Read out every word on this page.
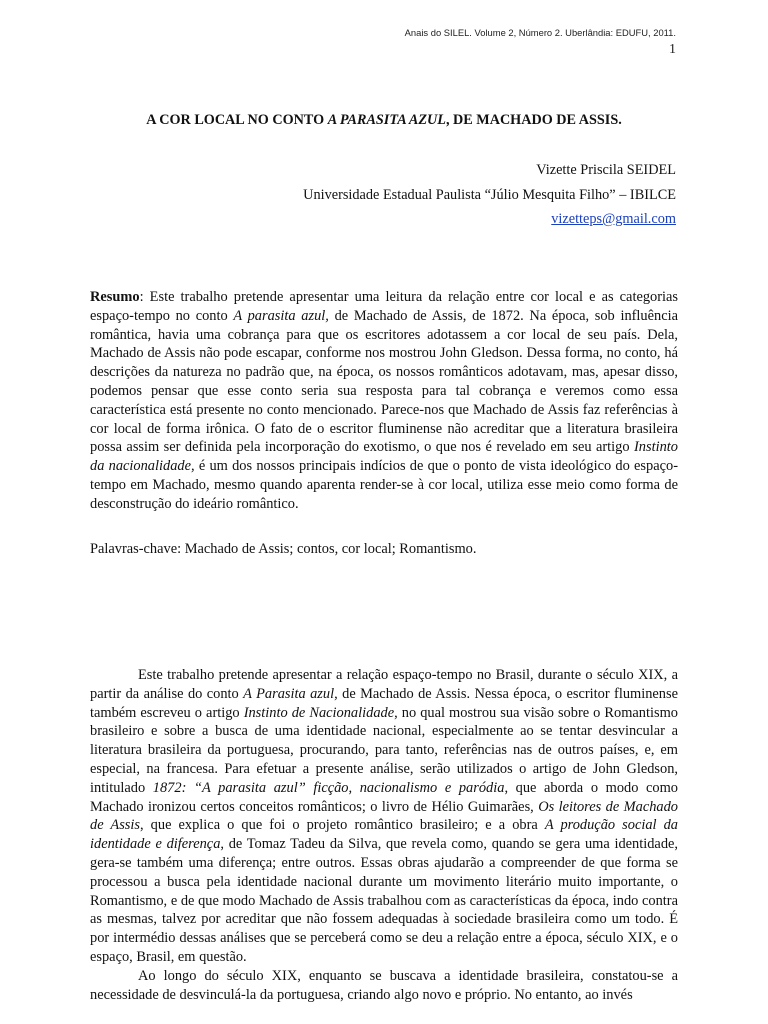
Anais do SILEL. Volume 2, Número 2. Uberlândia: EDUFU, 2011.
1
A COR LOCAL NO CONTO A PARASITA AZUL, DE MACHADO DE ASSIS.
Vizette Priscila SEIDEL
Universidade Estadual Paulista “Júlio Mesquita Filho” – IBILCE
vizetteps@gmail.com

Resumo: Este trabalho pretende apresentar uma leitura da relação entre cor local e as categorias espaço-tempo no conto A parasita azul, de Machado de Assis, de 1872. Na época, sob influência romântica, havia uma cobrança para que os escritores adotassem a cor local de seu país. Dela, Machado de Assis não pode escapar, conforme nos mostrou John Gledson. Dessa forma, no conto, há descrições da natureza no padrão que, na época, os nossos românticos adotavam, mas, apesar disso, podemos pensar que esse conto seria sua resposta para tal cobrança e veremos como essa característica está presente no conto mencionado. Parece-nos que Machado de Assis faz referências à cor local de forma irônica. O fato de o escritor fluminense não acreditar que a literatura brasileira possa assim ser definida pela incorporação do exotismo, o que nos é revelado em seu artigo Instinto da nacionalidade, é um dos nossos principais indícios de que o ponto de vista ideológico do espaço-tempo em Machado, mesmo quando aparenta render-se à cor local, utiliza esse meio como forma de desconstrução do ideário romântico.

Palavras-chave: Machado de Assis; contos, cor local; Romantismo.

Este trabalho pretende apresentar a relação espaço-tempo no Brasil, durante o século XIX, a partir da análise do conto A Parasita azul, de Machado de Assis. Nessa época, o escritor fluminense também escreveu o artigo Instinto de Nacionalidade, no qual mostrou sua visão sobre o Romantismo brasileiro e sobre a busca de uma identidade nacional, especialmente ao se tentar desvincular a literatura brasileira da portuguesa, procurando, para tanto, referências nas de outros países, e, em especial, na francesa. Para efetuar a presente análise, serão utilizados o artigo de John Gledson, intitulado 1872: “A parasita azul” ficção, nacionalismo e paródia, que aborda o modo como Machado ironizou certos conceitos românticos; o livro de Hélio Guimarães, Os leitores de Machado de Assis, que explica o que foi o projeto romântico brasileiro; e a obra A produção social da identidade e diferença, de Tomaz Tadeu da Silva, que revela como, quando se gera uma identidade, gera-se também uma diferença; entre outros. Essas obras ajudarão a compreender de que forma se processou a busca pela identidade nacional durante um movimento literário muito importante, o Romantismo, e de que modo Machado de Assis trabalhou com as características da época, indo contra as mesmas, talvez por acreditar que não fossem adequadas à sociedade brasileira como um todo. É por intermédio dessas análises que se perceberá como se deu a relação entre a época, século XIX, e o espaço, Brasil, em questão.

Ao longo do século XIX, enquanto se buscava a identidade brasileira, constatou-se a necessidade de desvinculá-la da portuguesa, criando algo novo e próprio. No entanto, ao invés
